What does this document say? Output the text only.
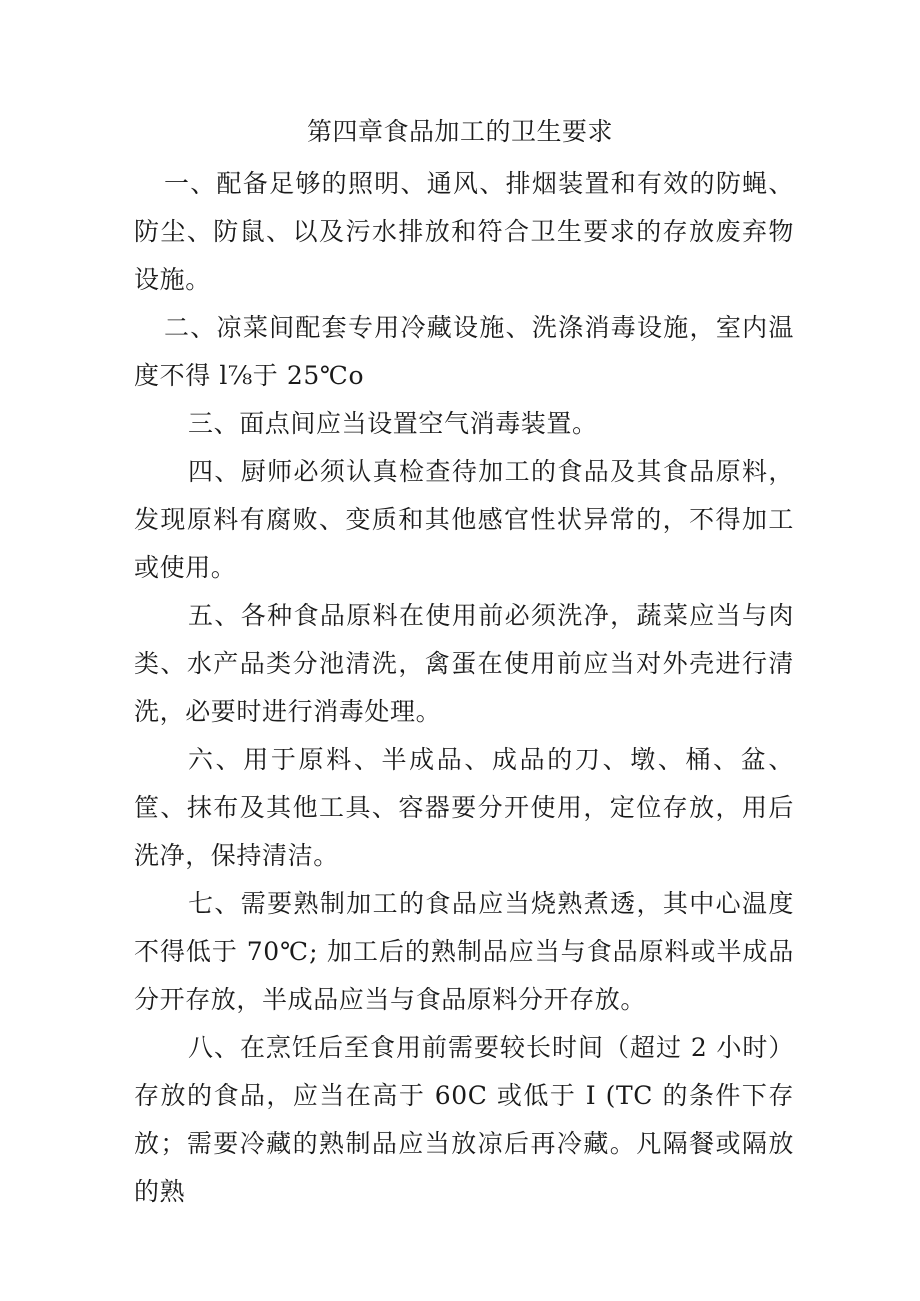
第四章食品加工的卫生要求
一、配备足够的照明、通风、排烟装置和有效的防蝇、防尘、防鼠、以及污水排放和符合卫生要求的存放废弃物设施。
二、凉菜间配套专用冷藏设施、洗涤消毒设施，室内温度不得 l⅞于 25℃o
三、面点间应当设置空气消毒装置。
四、厨师必须认真检查待加工的食品及其食品原料，发现原料有腐败、变质和其他感官性状异常的，不得加工或使用。
五、各种食品原料在使用前必须洗净，蔬菜应当与肉类、水产品类分池清洗，禽蛋在使用前应当对外壳进行清洗，必要时进行消毒处理。
六、用于原料、半成品、成品的刀、墩、桶、盆、筐、抹布及其他工具、容器要分开使用，定位存放，用后洗净，保持清洁。
七、需要熟制加工的食品应当烧熟煮透，其中心温度不得低于 70℃; 加工后的熟制品应当与食品原料或半成品分开存放，半成品应当与食品原料分开存放。
八、在烹饪后至食用前需要较长时间（超过 2 小时）存放的食品，应当在高于 60C 或低于 I (TC 的条件下存放；需要冷藏的熟制品应当放凉后再冷藏。凡隔餐或隔放的熟
